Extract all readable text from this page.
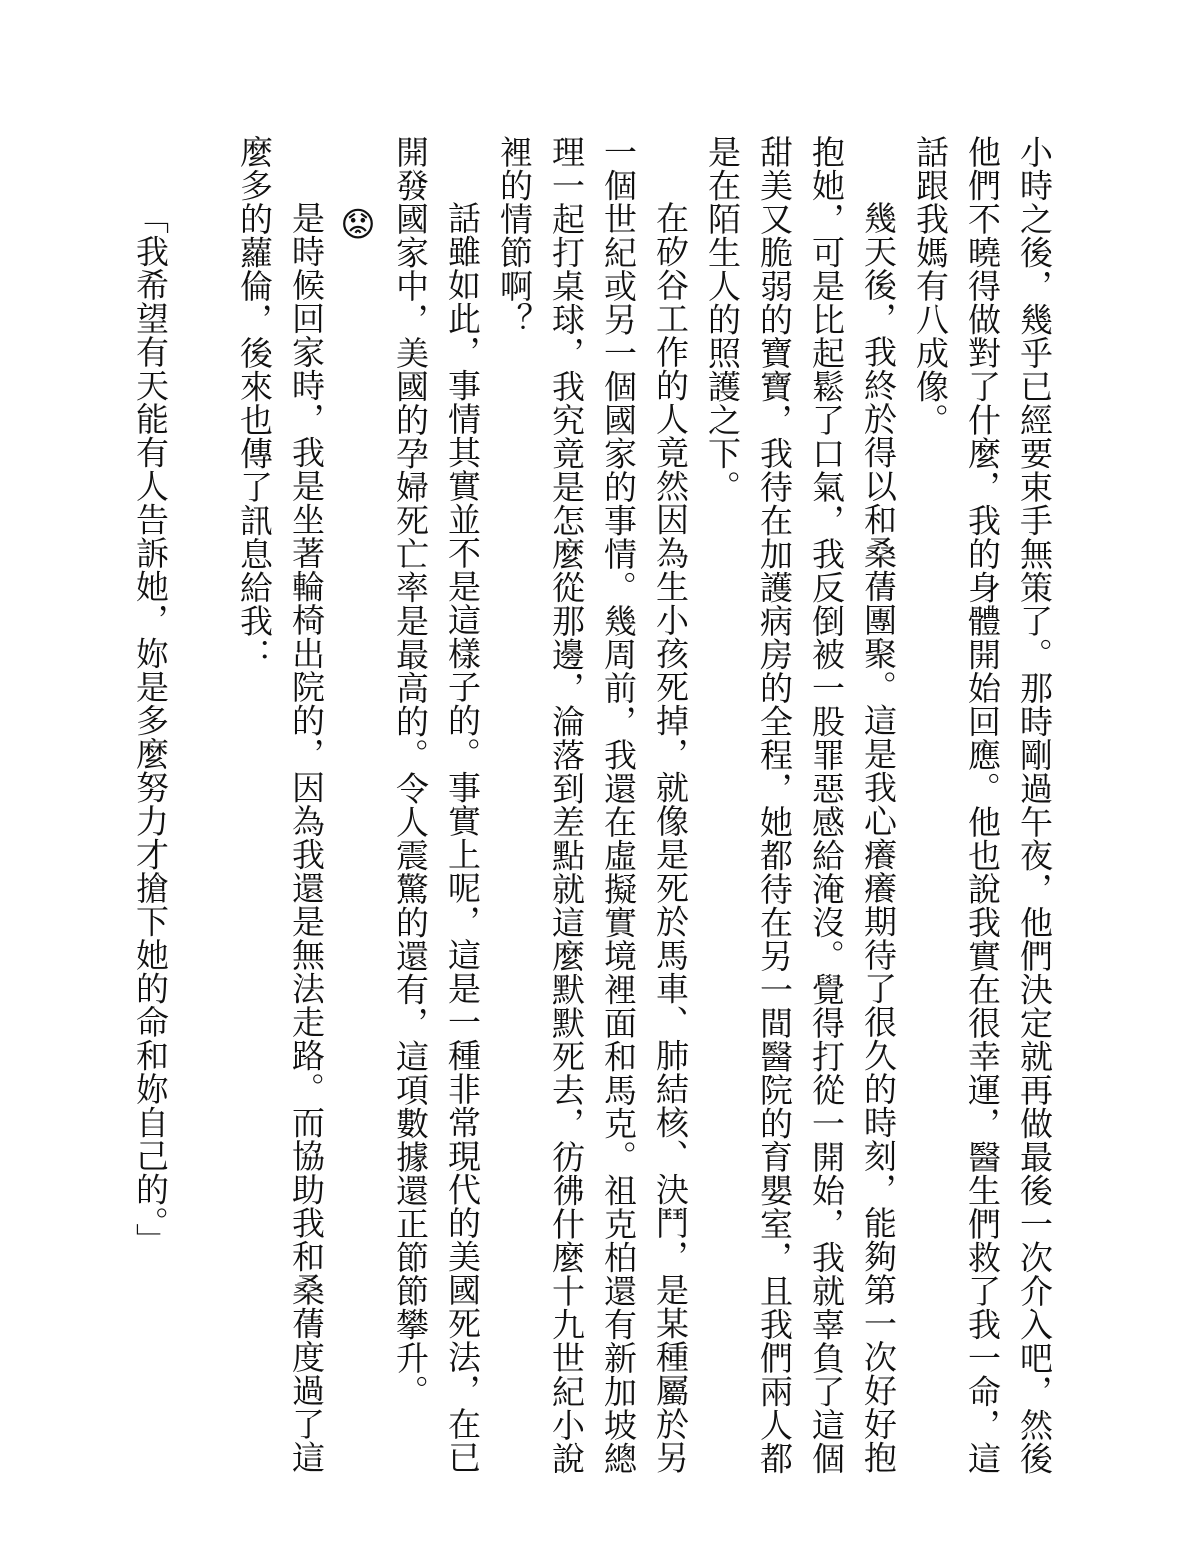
小時之後，幾乎已經要束手無策了。那時剛過午夜，他們決定就再做最後一次介入吧，然後他們不曉得做對了什麼，我的身體開始回應。他也說我實在很幸運，醫生們救了我一命，這話跟我媽有八成像。

幾天後，我終於得以和桑蒨團聚。這是我心癢癢期待了很久的時刻，能夠第一次好好抱抱她，可是比起鬆了口氣，我反倒被一股罪惡感給淹沒。覺得打從一開始，我就辜負了這個甜美又脆弱的寶寶，我待在加護病房的全程，她都待在另一間醫院的育嬰室，且我們兩人都是在陌生人的照護之下。

在矽谷工作的人竟然因為生小孩死掉，就像是死於馬車、肺結核、決鬥，是某種屬於另一個世紀或另一個國家的事情。幾周前，我還在虛擬實境裡面和馬克。祖克柏還有新加坡總理一起打桌球，我究竟是怎麼從那邊，淪落到差點就這麼默默死去，彷彿什麼十九世紀小說裡的情節啊？

話雖如此，事情其實並不是這樣子的。事實上呢，這是一種非常現代的美國死法，在已開發國家中，美國的孕婦死亡率是最高的。令人震驚的還有，這項數據還正節節攀升。

😟

是時候回家時，我是坐著輪椅出院的，因為我還是無法走路。而協助我和桑蒨度過了這麼多的蘿倫，後來也傳了訊息給我：

「我希望有天能有人告訴她，妳是多麼努力才搶下她的命和妳自己的。」
